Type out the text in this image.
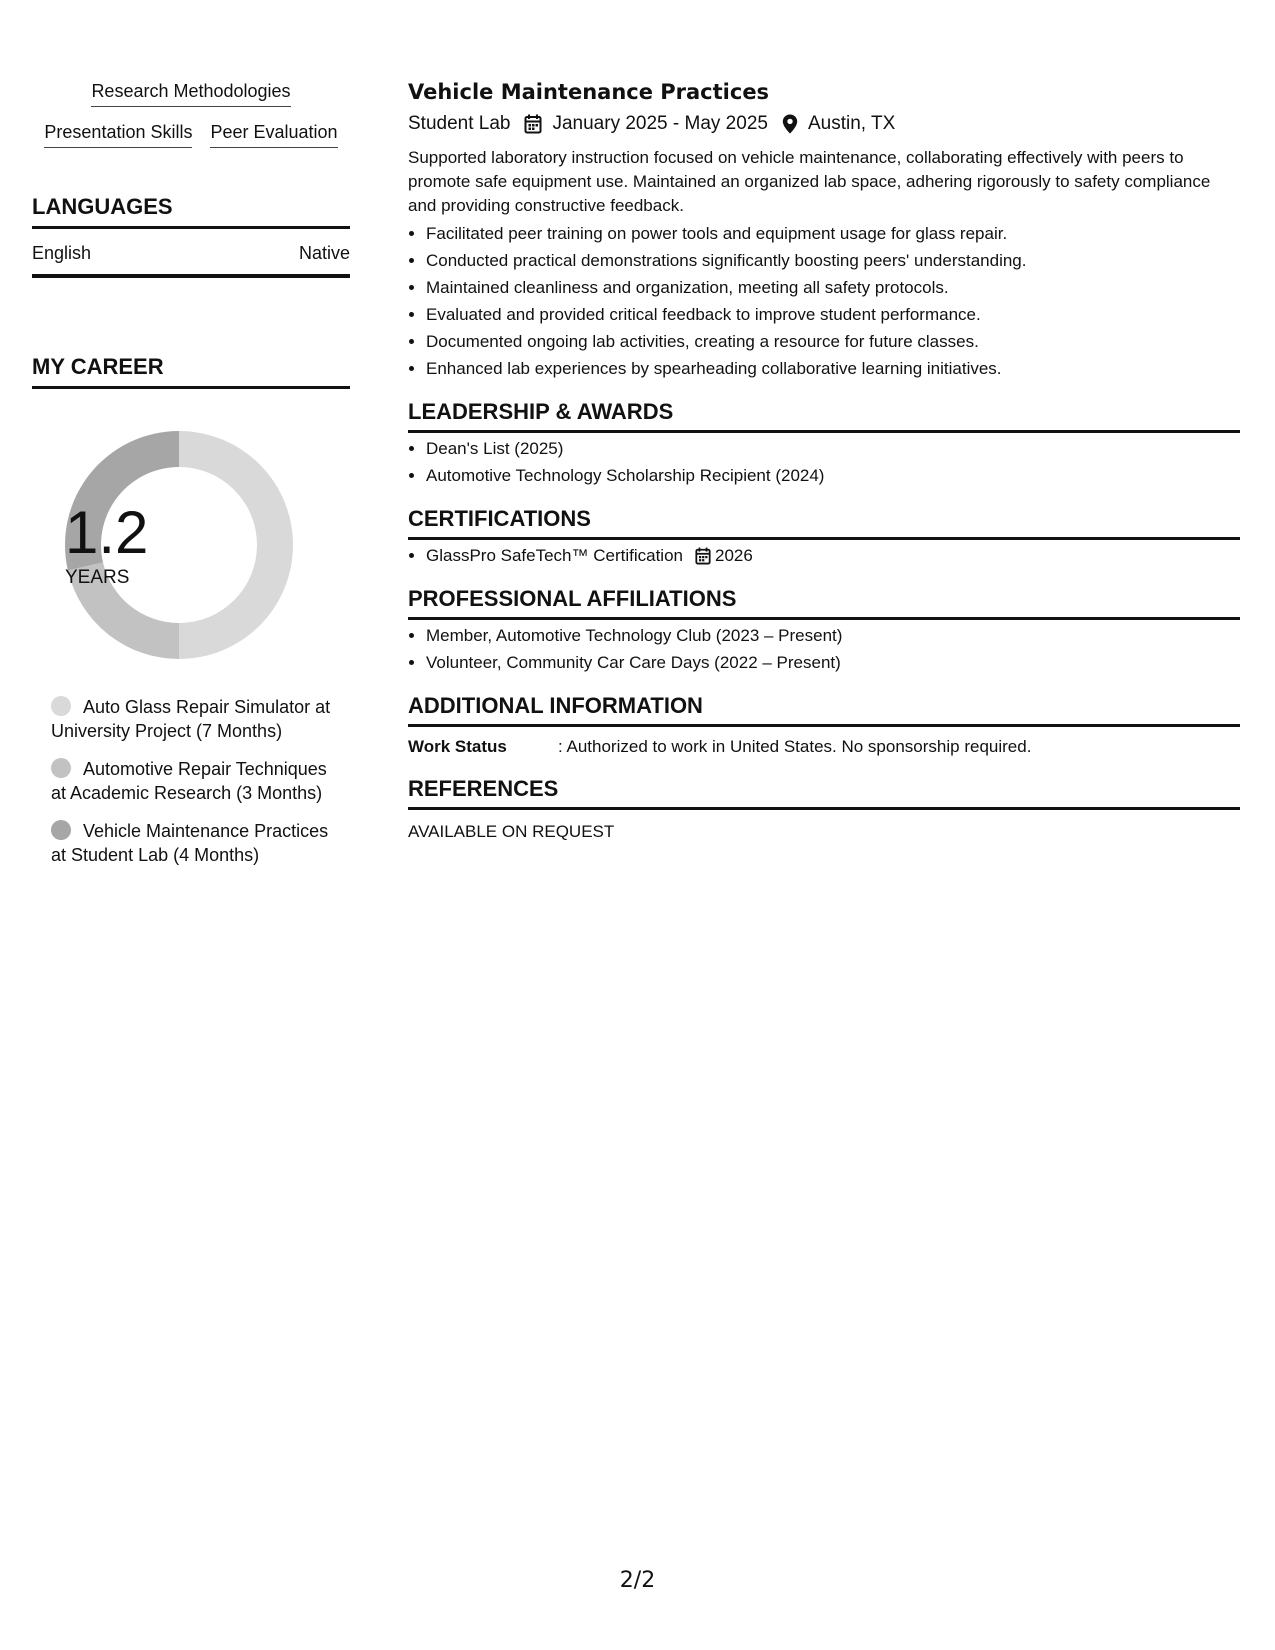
Research Methodologies
Presentation Skills Peer Evaluation
LANGUAGES
English	Native
MY CAREER
1.2
YEARS
Auto Glass Repair Simulator at University Project (7 Months)
Automotive Repair Techniques at Academic Research (3 Months)
Vehicle Maintenance Practices at Student Lab (4 Months)
Vehicle Maintenance Practices
Student Lab January 2025 - May 2025 Austin, TX
Supported laboratory instruction focused on vehicle maintenance, collaborating effectively with peers to promote safe equipment use. Maintained an organized lab space, adhering rigorously to safety compliance and providing constructive feedback.
• Facilitated peer training on power tools and equipment usage for glass repair.
• Conducted practical demonstrations significantly boosting peers' understanding.
• Maintained cleanliness and organization, meeting all safety protocols.
• Evaluated and provided critical feedback to improve student performance.
• Documented ongoing lab activities, creating a resource for future classes.
• Enhanced lab experiences by spearheading collaborative learning initiatives.
LEADERSHIP & AWARDS
• Dean's List (2025)
• Automotive Technology Scholarship Recipient (2024)
CERTIFICATIONS
• GlassPro SafeTech™ Certification 2026
PROFESSIONAL AFFILIATIONS
• Member, Automotive Technology Club (2023 – Present)
• Volunteer, Community Car Care Days (2022 – Present)
ADDITIONAL INFORMATION
Work Status	: Authorized to work in United States. No sponsorship required.
REFERENCES
AVAILABLE ON REQUEST
2/2
